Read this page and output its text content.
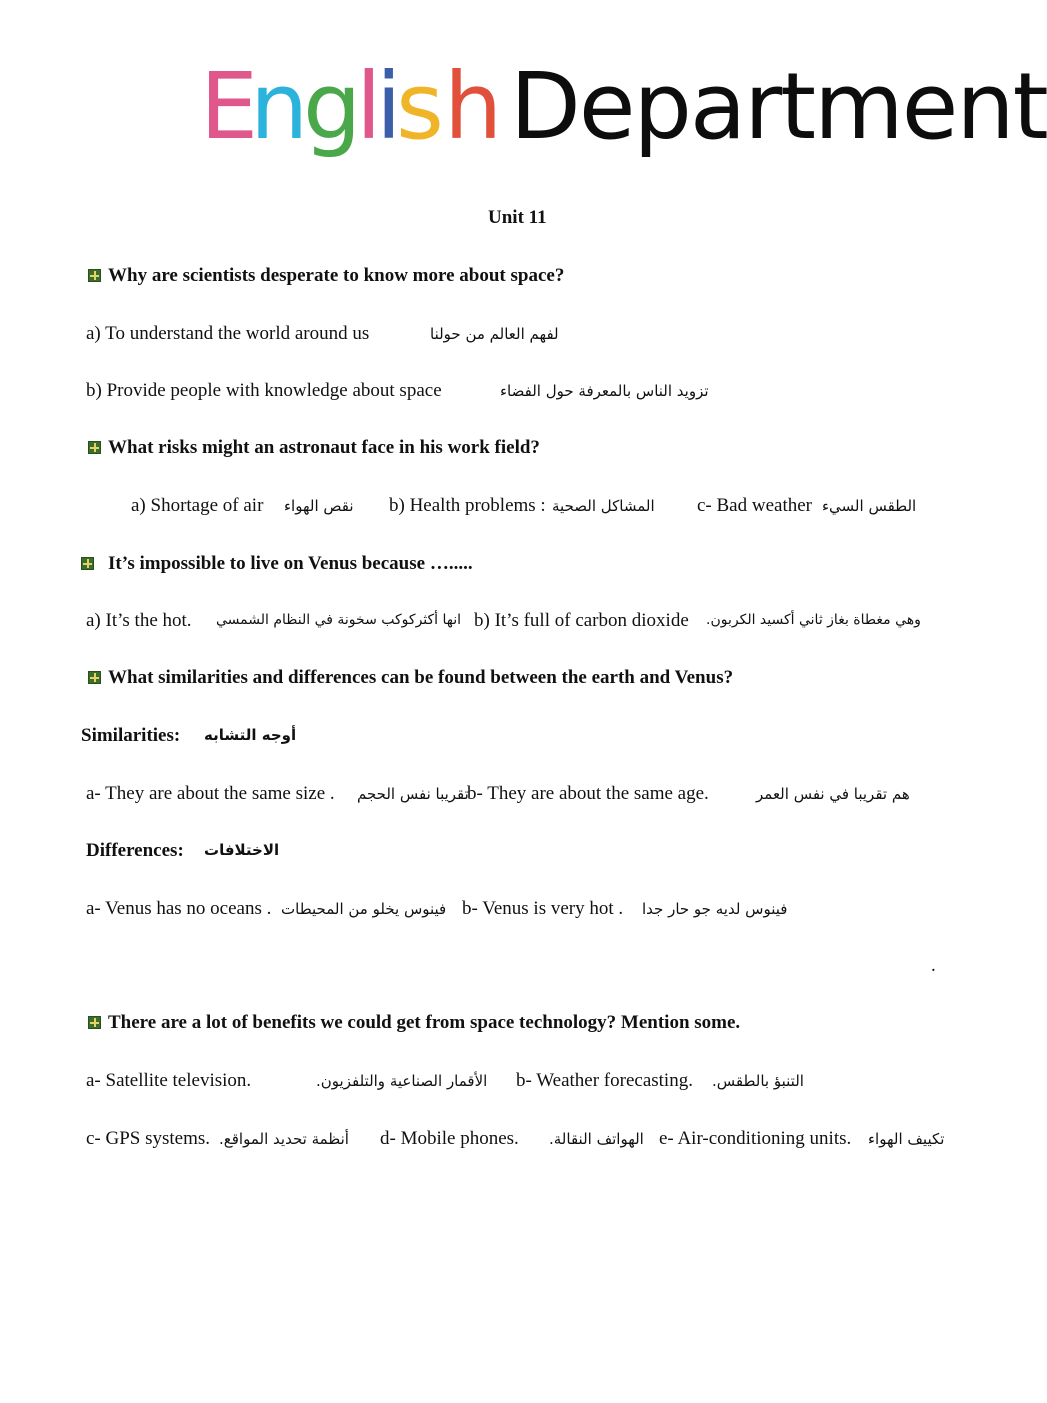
E
n
g
l
i
s h Department
Unit 11
Why are scientists desperate to know more about space?
a) To understand the world around us	لفهم العالم من حولنا
b) Provide people with knowledge about space	تزويد الناس بالمعرفة حول الفضاء
What risks might an astronaut face in his work field?
a) Shortage of air نقص الهواء b) Health problems : المشاكل الصحية c- Bad weather الطقس السيء
It’s impossible to live on Venus because ….....
a) It’s the hot. انها أكثركوكب سخونة في النظام الشمسي b) It’s full of carbon dioxide وهي مغطاة بغاز ثاني أكسيد الكربون.
What similarities and differences can be found between the earth and Venus?
Similarities: أوجه التشابه
a- They are about the same size . تقريبا نفس الحجم
b- They are about the same age.	هم تقريبا في نفس العمر
Differences: الاختلافات
a- Venus has no oceans . فينوس يخلو من المحيطات b- Venus is very hot . فينوس لديه جو حار جدا
.
There are a lot of benefits we could get from space technology? Mention some.
a- Satellite television.	الأقمار الصناعية والتلفزيون. b- Weather forecasting. التنبؤ بالطقس.
c- GPS systems. أنظمة تحديد المواقع. d- Mobile phones. الهواتف النقالة. e- Air-conditioning units. تكييف الهواء
